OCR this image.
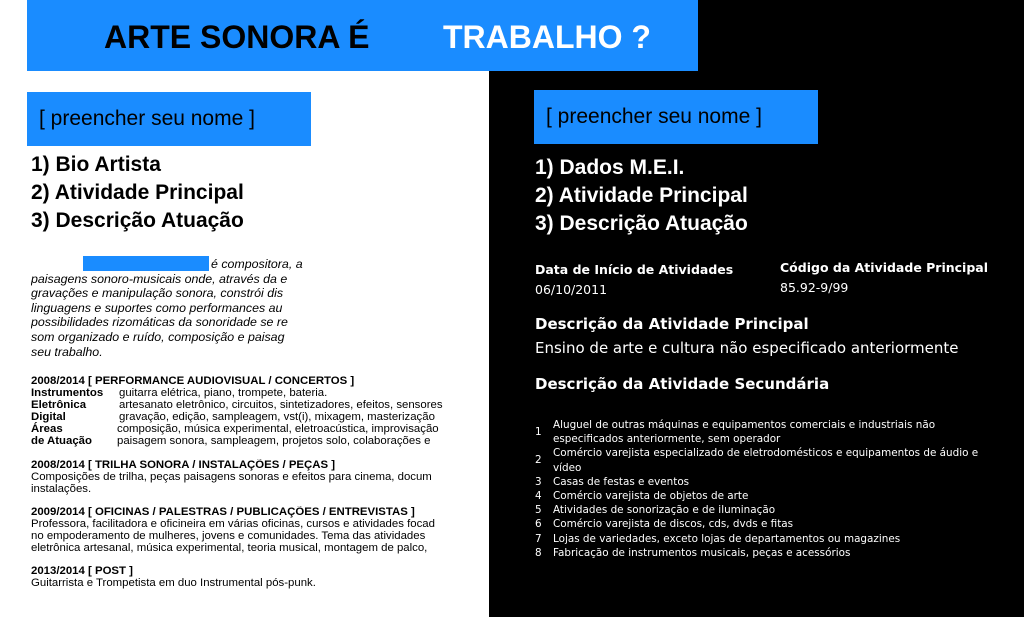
ARTE SONORA É TRABALHO ?
[ preencher seu nome ]
1) Bio Artista
2) Atividade Principal
3) Descrição Atuação
é compositora, a
paisagens sonoro-musicais onde, através da e
gravações e manipulação sonora, constrói dis
linguagens e suportes como performances au
possibilidades rizomáticas da sonoridade se re
som organizado e ruído, composição e paisag
seu trabalho.
2008/2014 [ PERFORMANCE AUDIOVISUAL / CONCERTOS ]
Instrumentos guitarra elétrica, piano, trompete, bateria.
Eletrônica	artesanato eletrônico, circuitos, sintetizadores, efeitos, sensores
Digital	gravação, edição, sampleagem, vst(i), mixagem, masterização
Áreas	composição, música experimental, eletroacústica, improvisação
de Atuação paisagem sonora, sampleagem, projetos solo, colaborações e
2008/2014 [ TRILHA SONORA / INSTALAÇÕES / PEÇAS ]
Composições de trilha, peças paisagens sonoras e efeitos para cinema, docum
instalações.
2009/2014 [ OFICINAS / PALESTRAS / PUBLICAÇÕES / ENTREVISTAS ]
Professora, facilitadora e oficineira em várias oficinas, cursos e atividades focad
no empoderamento de mulheres, jovens e comunidades. Tema das atividades
eletrônica artesanal, música experimental, teoria musical, montagem de palco,
2013/2014 [ POST ]
Guitarrista e Trompetista em duo Instrumental pós-punk.
[ preencher seu nome ]
1) Dados M.E.I.
2) Atividade Principal
3) Descrição Atuação
Data de Início de Atividades
06/10/2011
Código da Atividade Principal
85.92-9/99
Descrição da Atividade Principal
Ensino de arte e cultura não especificado anteriormente
Descrição da Atividade Secundária
1
Aluguel de outras máquinas e equipamentos comerciais e industriais não
especificados anteriormente, sem operador
2
Comércio varejista especializado de eletrodomésticos e equipamentos de áudio e
vídeo
3 Casas de festas e eventos
4 Comércio varejista de objetos de arte
5 Atividades de sonorização e de iluminação
6 Comércio varejista de discos, cds, dvds e fitas
7 Lojas de variedades, exceto lojas de departamentos ou magazines
8 Fabricação de instrumentos musicais, peças e acessórios
